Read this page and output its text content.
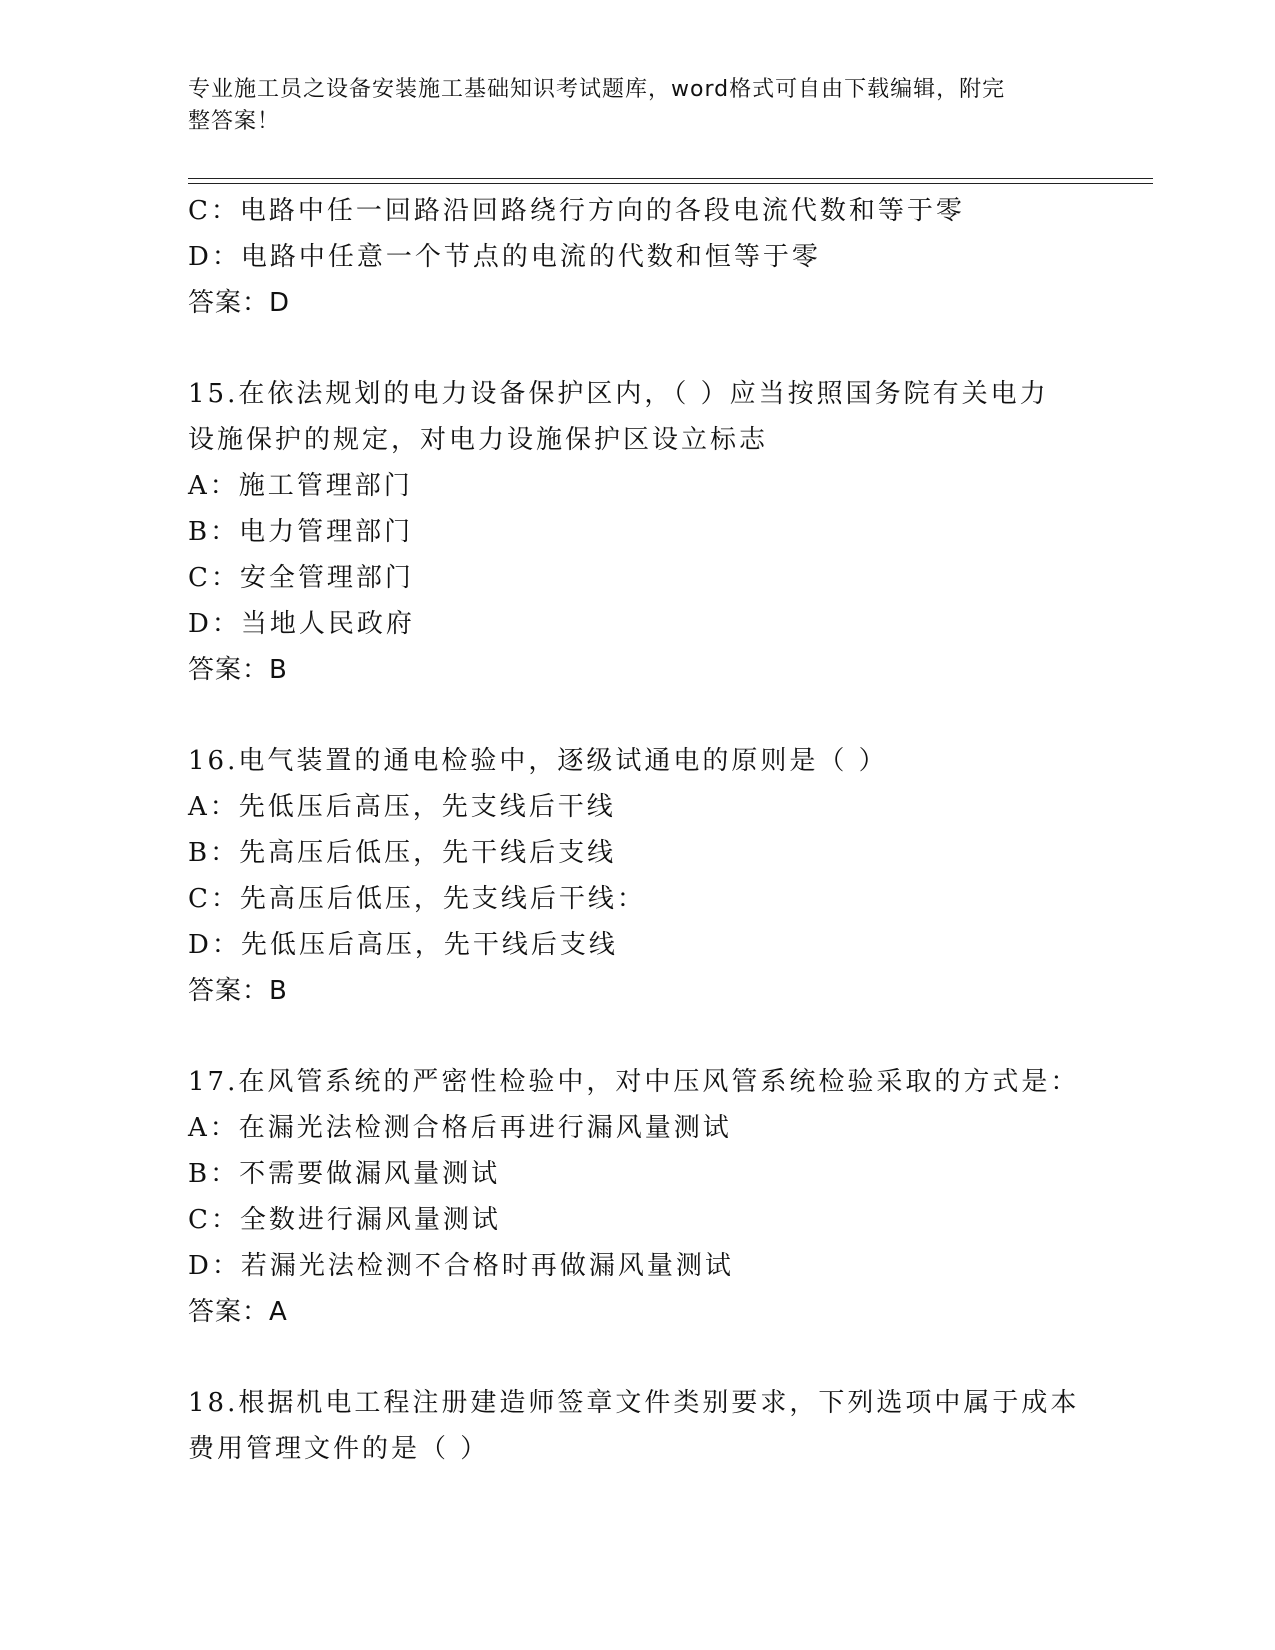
专业施工员之设备安装施工基础知识考试题库，word格式可自由下载编辑，附完
整答案！
C：电路中任一回路沿回路绕行方向的各段电流代数和等于零
D：电路中任意一个节点的电流的代数和恒等于零
答案：D
15.在依法规划的电力设备保护区内，（ ）应当按照国务院有关电力
设施保护的规定，对电力设施保护区设立标志
A：施工管理部门
B：电力管理部门
C：安全管理部门
D：当地人民政府
答案：B
16.电气装置的通电检验中，逐级试通电的原则是（ ）
A：先低压后高压，先支线后干线
B：先高压后低压，先干线后支线
C：先高压后低压，先支线后干线：
D：先低压后高压，先干线后支线
答案：B
17.在风管系统的严密性检验中，对中压风管系统检验采取的方式是：
A：在漏光法检测合格后再进行漏风量测试
B：不需要做漏风量测试
C：全数进行漏风量测试
D：若漏光法检测不合格时再做漏风量测试
答案：A
18.根据机电工程注册建造师签章文件类别要求，下列选项中属于成本
费用管理文件的是（ ）
